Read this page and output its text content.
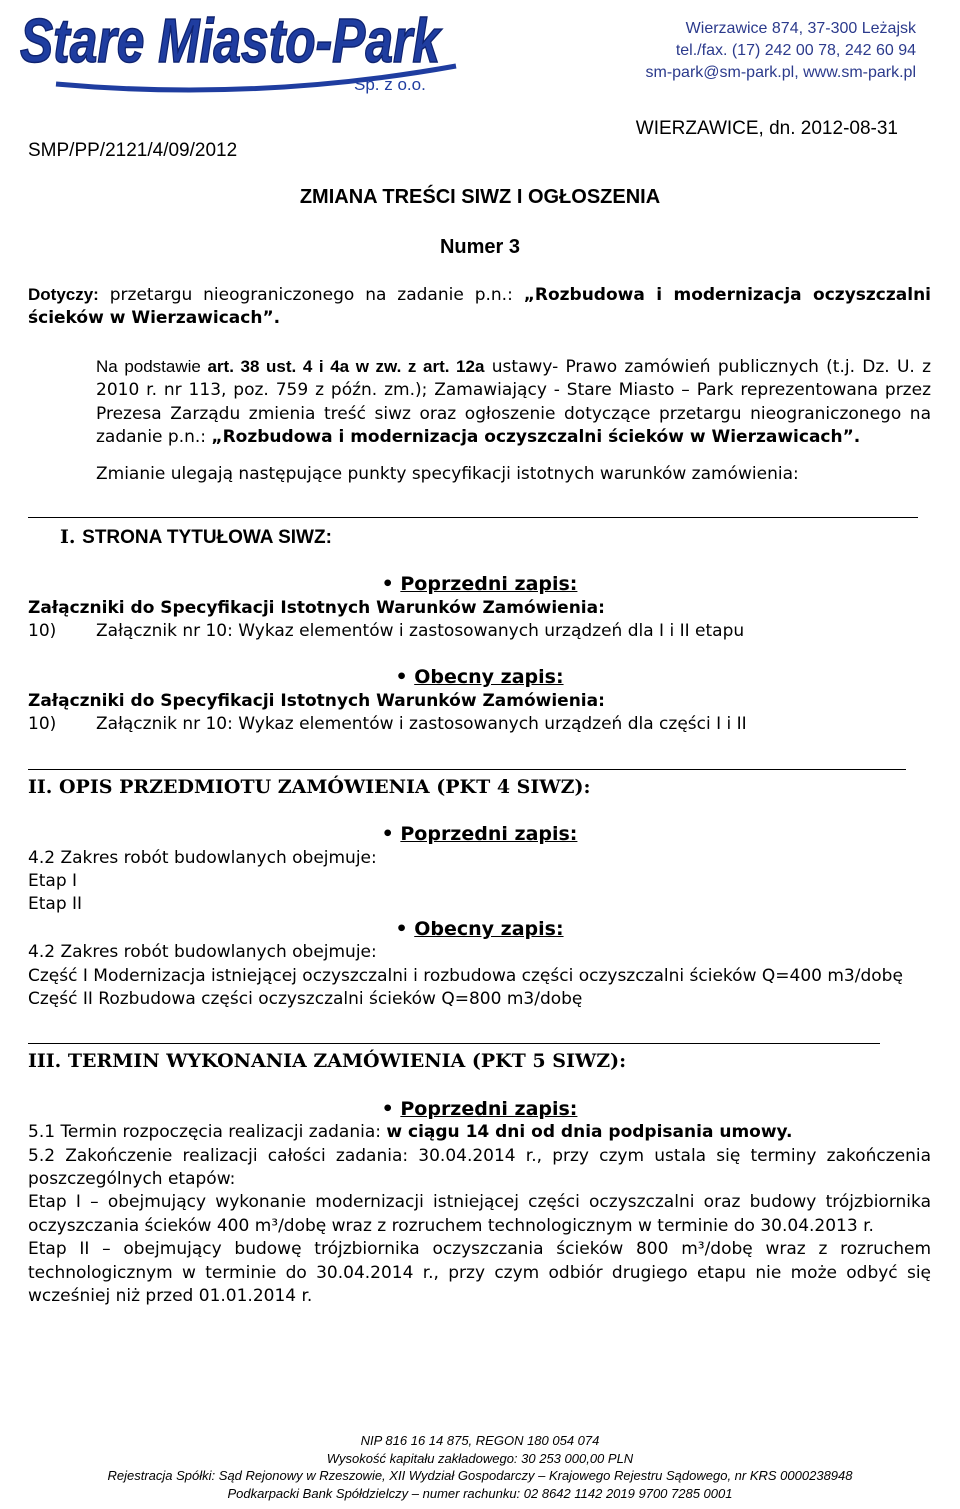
Stare Miasto-Park
Sp. z o.o.
Wierzawice 874, 37-300 Leżajsk
tel./fax. (17) 242 00 78, 242 60 94
sm-park@sm-park.pl, www.sm-park.pl
WIERZAWICE, dn. 2012-08-31
SMP/PP/2121/4/09/2012
ZMIANA TREŚCI SIWZ I OGŁOSZENIA
Numer 3
Dotyczy: przetargu nieograniczonego na zadanie p.n.: „Rozbudowa i modernizacja oczyszczalni ścieków w Wierzawicach”.
Na podstawie art. 38 ust. 4 i 4a w zw. z art. 12a ustawy- Prawo zamówień publicznych (t.j. Dz. U. z 2010 r. nr 113, poz. 759 z późn. zm.); Zamawiający - Stare Miasto – Park reprezentowana przez Prezesa Zarządu zmienia treść siwz oraz ogłoszenie dotyczące przetargu nieograniczonego na zadanie p.n.: „Rozbudowa i modernizacja oczyszczalni ścieków w Wierzawicach”.
Zmianie ulegają następujące punkty specyfikacji istotnych warunków zamówienia:
I. STRONA TYTUŁOWA SIWZ:
• Poprzedni zapis:
Załączniki do Specyfikacji Istotnych Warunków Zamówienia:
10)	Załącznik nr 10: Wykaz elementów i zastosowanych urządzeń dla I i II etapu
• Obecny zapis:
Załączniki do Specyfikacji Istotnych Warunków Zamówienia:
10)	Załącznik nr 10: Wykaz elementów i zastosowanych urządzeń dla części I i II
II. OPIS PRZEDMIOTU ZAMÓWIENIA (PKT 4 SIWZ):
• Poprzedni zapis:
4.2 Zakres robót budowlanych obejmuje:
Etap I
Etap II
• Obecny zapis:
4.2 Zakres robót budowlanych obejmuje:
Część I Modernizacja istniejącej oczyszczalni i rozbudowa części oczyszczalni ścieków Q=400 m3/dobę
Część II Rozbudowa części oczyszczalni ścieków Q=800 m3/dobę
III. TERMIN WYKONANIA ZAMÓWIENIA (PKT 5 SIWZ):
• Poprzedni zapis:
5.1 Termin rozpoczęcia realizacji zadania: w ciągu 14 dni od dnia podpisania umowy.
5.2 Zakończenie realizacji całości zadania: 30.04.2014 r., przy czym ustala się terminy zakończenia poszczególnych etapów:
Etap I – obejmujący wykonanie modernizacji istniejącej części oczyszczalni oraz budowy trójzbiornika oczyszczania ścieków 400 m³/dobę wraz z rozruchem technologicznym w terminie do 30.04.2013 r.
Etap II – obejmujący budowę trójzbiornika oczyszczania ścieków 800 m³/dobę wraz z rozruchem technologicznym w terminie do 30.04.2014 r., przy czym odbiór drugiego etapu nie może odbyć się wcześniej niż przed 01.01.2014 r.
NIP 816 16 14 875, REGON 180 054 074
Wysokość kapitału zakładowego: 30 253 000,00 PLN
Rejestracja Spółki: Sąd Rejonowy w Rzeszowie, XII Wydział Gospodarczy – Krajowego Rejestru Sądowego, nr KRS 0000238948
Podkarpacki Bank Spółdzielczy – numer rachunku: 02 8642 1142 2019 9700 7285 0001
